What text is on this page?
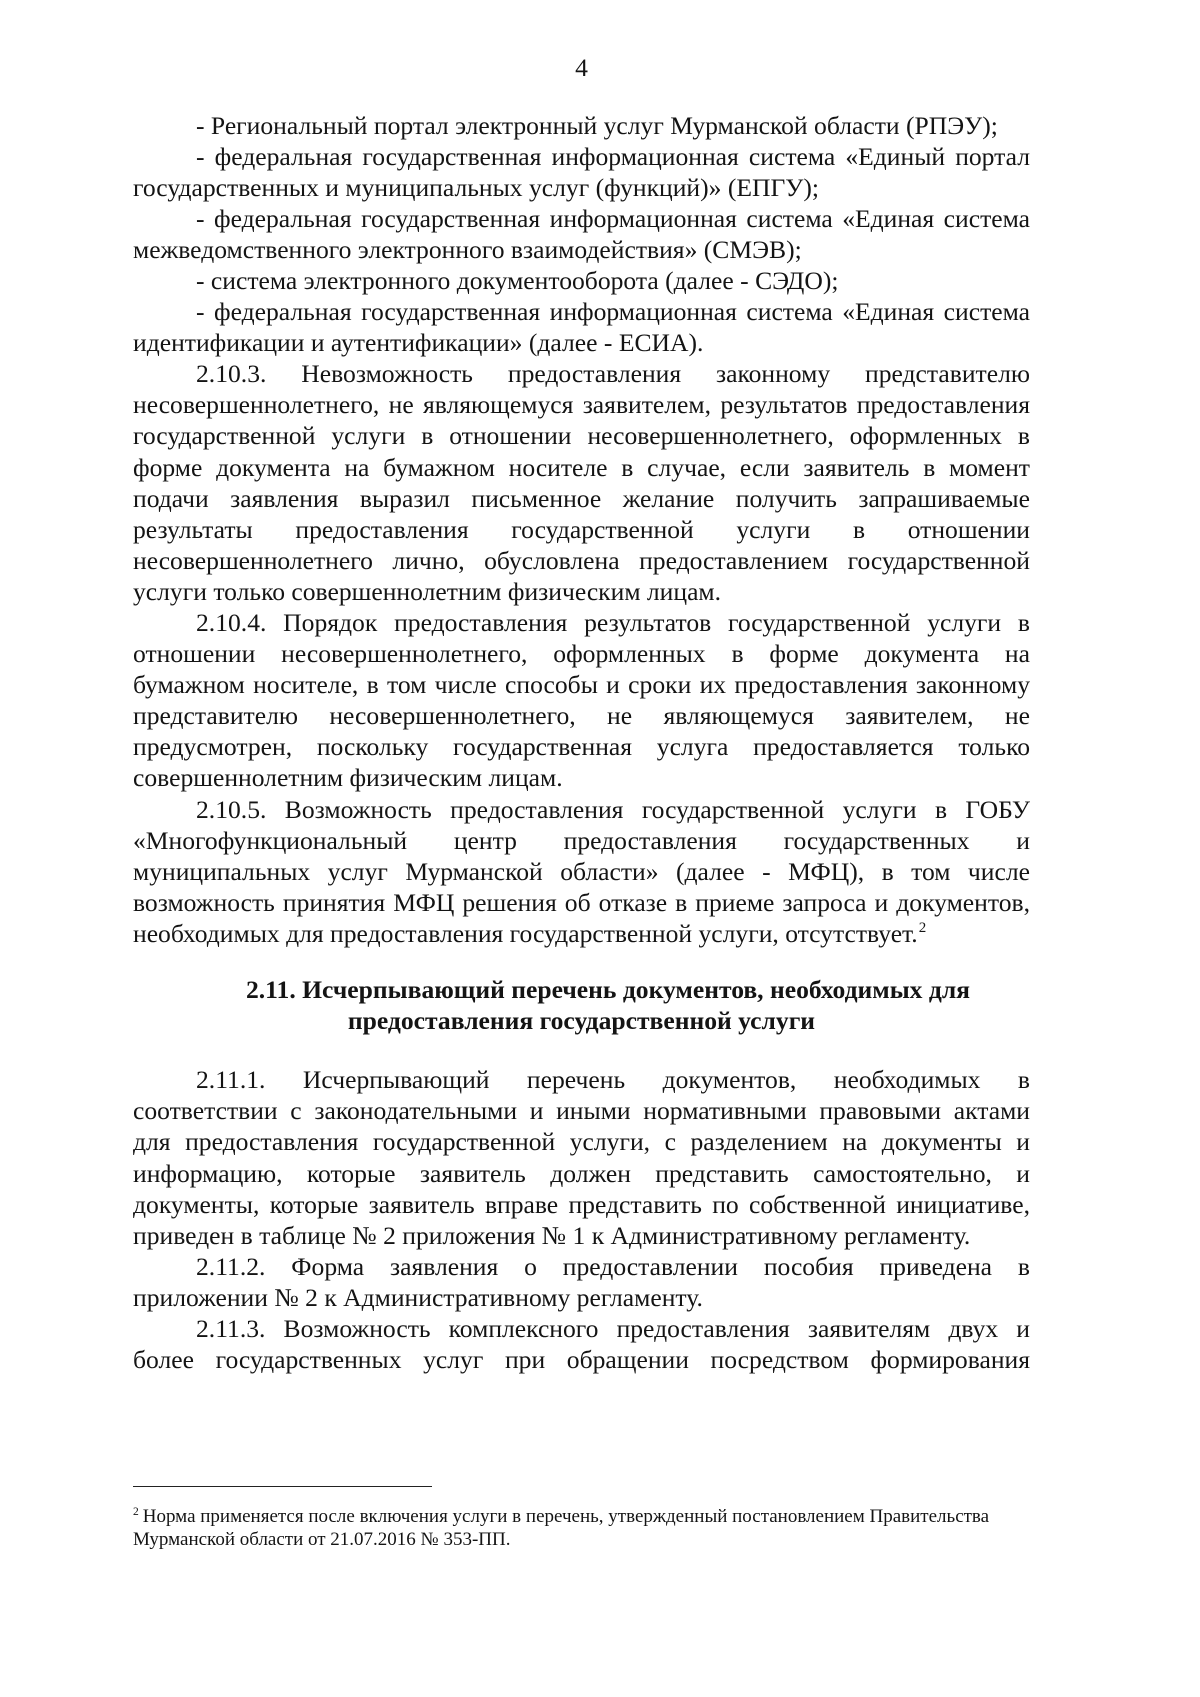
4
- Региональный портал электронный услуг Мурманской области (РПЭУ);
- федеральная государственная информационная система «Единый портал
государственных и муниципальных услуг (функций)» (ЕПГУ);
- федеральная государственная информационная система «Единая система
межведомственного электронного взаимодействия» (СМЭВ);
- система электронного документооборота (далее - СЭДО);
- федеральная государственная информационная система «Единая система
идентификации и аутентификации» (далее - ЕСИА).
2.10.3. Невозможность предоставления законному представителю
несовершеннолетнего, не являющемуся заявителем, результатов предоставления
государственной услуги в отношении несовершеннолетнего, оформленных в
форме документа на бумажном носителе в случае, если заявитель в момент
подачи заявления выразил письменное желание получить запрашиваемые
результаты предоставления государственной услуги в отношении
несовершеннолетнего лично, обусловлена предоставлением государственной
услуги только совершеннолетним физическим лицам.
2.10.4. Порядок предоставления результатов государственной услуги в
отношении несовершеннолетнего, оформленных в форме документа на
бумажном носителе, в том числе способы и сроки их предоставления законному
представителю несовершеннолетнего, не являющемуся заявителем, не
предусмотрен, поскольку государственная услуга предоставляется только
совершеннолетним физическим лицам.
2.10.5. Возможность предоставления государственной услуги в ГОБУ
«Многофункциональный центр предоставления государственных и
муниципальных услуг Мурманской области» (далее - МФЦ), в том числе
возможность принятия МФЦ решения об отказе в приеме запроса и документов,
необходимых для предоставления государственной услуги, отсутствует.$^2$
2.11. Исчерпывающий перечень документов, необходимых для
предоставления государственной услуги
2.11.1. Исчерпывающий перечень документов, необходимых в
соответствии с законодательными и иными нормативными правовыми актами
для предоставления государственной услуги, с разделением на документы и
информацию, которые заявитель должен представить самостоятельно, и
документы, которые заявитель вправе представить по собственной инициативе,
приведен в таблице № 2 приложения № 1 к Административному регламенту.
2.11.2. Форма заявления о предоставлении пособия приведена в
приложении № 2 к Административному регламенту.
2.11.3. Возможность комплексного предоставления заявителям двух и
более государственных услуг при обращении посредством формирования
$^2$ Норма применяется после включения услуги в перечень, утвержденный постановлением Правительства
Мурманской области от 21.07.2016 № 353-ПП.
